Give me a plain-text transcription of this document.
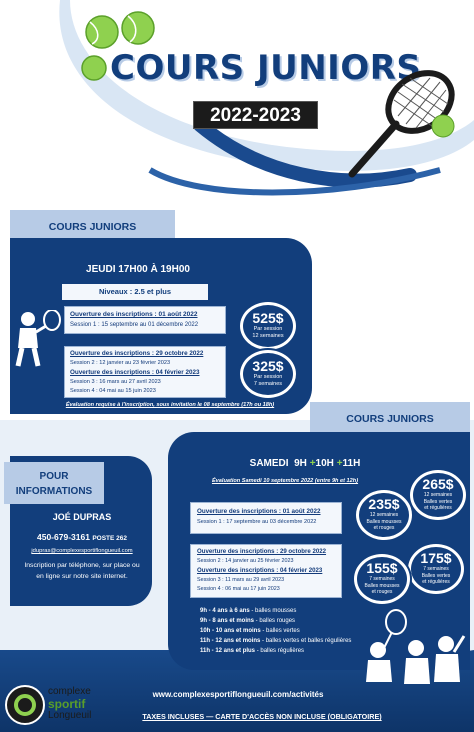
COURS JUNIORS
2022-2023
COURS JUNIORS
JEUDI 17H00 À 19H00
Niveaux : 2.5 et plus
Ouverture des inscriptions : 01 août 2022
Session 1 : 15 septembre au 01 décembre 2022
Ouverture des inscriptions : 29 octobre 2022
Session 2 : 12 janvier au 23 février 2023
Ouverture des inscriptions : 04 février 2023
Session 3 : 16 mars au 27 avril 2023
Session 4 : 04 mai au 15 juin 2023
525$
Par session
12 semaines
325$
Par session
7 semaines
Évaluation requise à l'inscription, sous invitation le 08 septembre (17h ou 18h)
COURS JUNIORS
SAMEDI 9H +10H +11H
Évaluation Samedi 10 septembre 2022 (entre 9h et 12h)
Ouverture des inscriptions : 01 août 2022
Session 1 : 17 septembre au 03 décembre 2022
Ouverture des inscriptions : 29 octobre 2022
Session 2 : 14 janvier au 25 février 2023
Ouverture des inscriptions : 04 février 2023
Session 3 : 11 mars au 29 avril 2023
Session 4 : 06 mai au 17 juin 2023
265$
12 semaines
Balles vertes
et régulières
235$
12 semaines
Balles mousses
et rouges
175$
7 semaines
Balles vertes
et régulières
155$
7 semaines
Balles mousses
et rouges
9h - 4 ans à 6 ans - balles mousses
9h - 8 ans et moins - balles rouges
10h - 10 ans et moins - balles vertes
11h - 12 ans et moins - balles vertes et balles régulières
11h - 12 ans et plus - balles régulières
POUR
INFORMATIONS
JOÉ DUPRAS
450-679-3161 POSTE 262
jdupras@complexesportiflongueuil.com
Inscription par téléphone, sur place ou
en ligne sur notre site internet.
complexe
sportif
Longueuil
www.complexesportiflongueuil.com/activités
TAXES INCLUSES — CARTE D'ACCÈS NON INCLUSE (OBLIGATOIRE)
